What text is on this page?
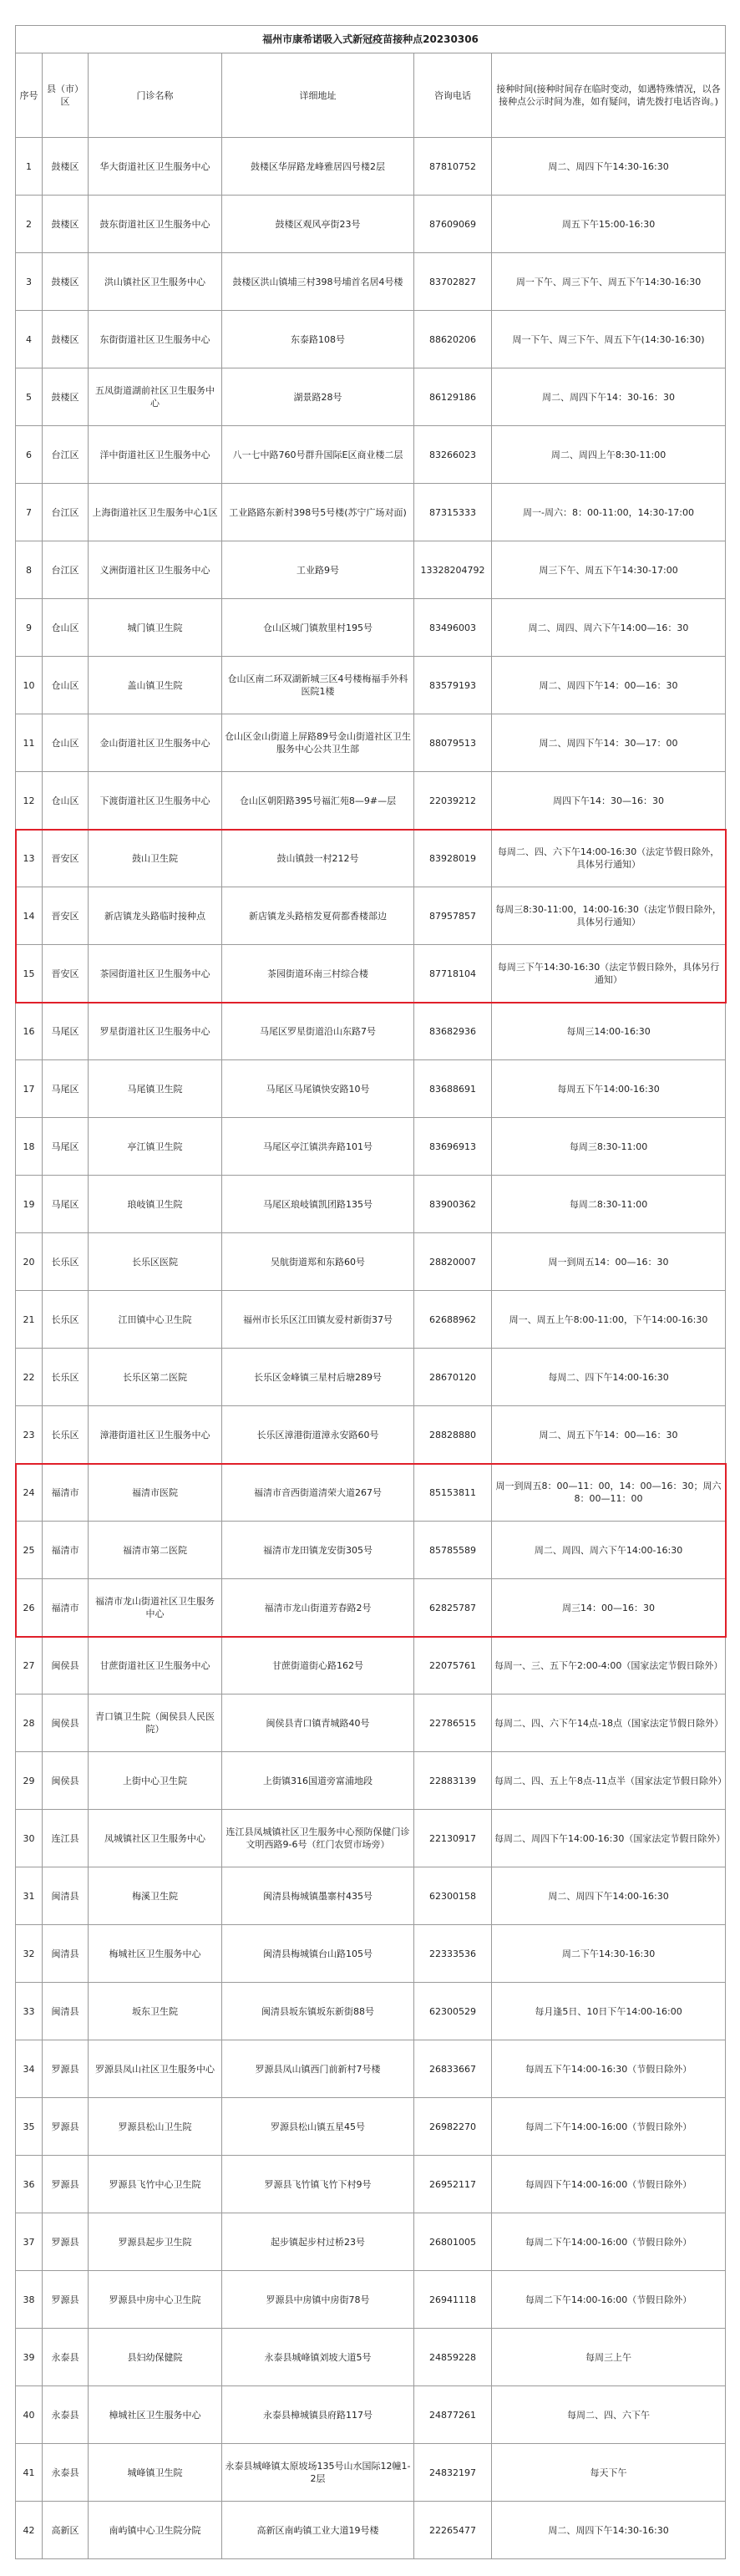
福州市康希诺吸入式新冠疫苗接种点20230306					
序号	县（市）区	门诊名称	详细地址	咨询电话	接种时间(接种时间存在临时变动，如遇特殊情况，以各接种点公示时间为准，如有疑问，请先拨打电话咨询。)
1	鼓楼区	华大街道社区卫生服务中心	鼓楼区华屏路龙峰雅居四号楼2层	87810752	周二、周四下午14:30-16:30
2	鼓楼区	鼓东街道社区卫生服务中心	鼓楼区观风亭街23号	87609069	周五下午15:00-16:30
3	鼓楼区	洪山镇社区卫生服务中心	鼓楼区洪山镇埔三村398号埔首名居4号楼	83702827	周一下午、周三下午、周五下午14:30-16:30
4	鼓楼区	东街街道社区卫生服务中心	东泰路108号	88620206	周一下午、周三下午、周五下午(14:30-16:30)
5	鼓楼区	五凤街道湖前社区卫生服务中心	湖景路28号	86129186	周二、周四下午14：30-16：30
6	台江区	洋中街道社区卫生服务中心	八一七中路760号群升国际E区商业楼二层	83266023	周二、周四上午8:30-11:00
7	台江区	上海街道社区卫生服务中心1区	工业路路东新村398号5号楼(苏宁广场对面)	87315333	周一-周六：8：00-11:00，14:30-17:00
8	台江区	义洲街道社区卫生服务中心	工业路9号	13328204792	周三下午、周五下午14:30-17:00
9	仓山区	城门镇卫生院	仓山区城门镇敖里村195号	83496003	周二、周四、周六下午14:00—16：30
10	仓山区	盖山镇卫生院	仓山区南二环双湖新城三区4号楼梅福手外科医院1楼	83579193	周二、周四下午14：00—16：30
11	仓山区	金山街道社区卫生服务中心	仓山区金山街道上屏路89号金山街道社区卫生服务中心公共卫生部	88079513	周二、周四下午14：30—17：00
12	仓山区	下渡街道社区卫生服务中心	仓山区朝阳路395号福汇苑8—9#—层	22039212	周四下午14：30—16：30
13	晋安区	鼓山卫生院	鼓山镇鼓一村212号	83928019	每周二、四、六下午14:00-16:30（法定节假日除外，具体另行通知）
14	晋安区	新店镇龙头路临时接种点	新店镇龙头路榕发夏荷都香楼部边	87957857	每周三8:30-11:00，14:00-16:30（法定节假日除外，具体另行通知）
15	晋安区	茶园街道社区卫生服务中心	茶园街道环南三村综合楼	87718104	每周三下午14:30-16:30（法定节假日除外，具体另行通知）
16	马尾区	罗星街道社区卫生服务中心	马尾区罗星街道沿山东路7号	83682936	每周三14:00-16:30
17	马尾区	马尾镇卫生院	马尾区马尾镇快安路10号	83688691	每周五下午14:00-16:30
18	马尾区	亭江镇卫生院	马尾区亭江镇洪奔路101号	83696913	每周三8:30-11:00
19	马尾区	琅岐镇卫生院	马尾区琅岐镇凯团路135号	83900362	每周二8:30-11:00
20	长乐区	长乐区医院	吴航街道郑和东路60号	28820007	周一到周五14：00—16：30
21	长乐区	江田镇中心卫生院	福州市长乐区江田镇友爱村新街37号	62688962	周一、周五上午8:00-11:00，下午14:00-16:30
22	长乐区	长乐区第二医院	长乐区金峰镇三星村后塘289号	28670120	每周二、四下午14:00-16:30
23	长乐区	漳港街道社区卫生服务中心	长乐区漳港街道漳永安路60号	28828880	周二、周五下午14：00—16：30
24	福清市	福清市医院	福清市音西街道清荣大道267号	85153811	周一到周五8：00—11：00，14：00—16：30；周六8：00—11：00
25	福清市	福清市第二医院	福清市龙田镇龙安街305号	85785589	周二、周四、周六下午14:00-16:30
26	福清市	福清市龙山街道社区卫生服务中心	福清市龙山街道芳春路2号	62825787	周三14：00—16：30
27	闽侯县	甘蔗街道社区卫生服务中心	甘蔗街道街心路162号	22075761	每周一、三、五下午2:00-4:00（国家法定节假日除外）
28	闽侯县	青口镇卫生院（闽侯县人民医院）	闽侯县青口镇青城路40号	22786515	每周二、四、六下午14点-18点（国家法定节假日除外）
29	闽侯县	上街中心卫生院	上街镇316国道旁富浦地段	22883139	每周二、四、五上午8点-11点半（国家法定节假日除外）
30	连江县	凤城镇社区卫生服务中心	连江县凤城镇社区卫生服务中心预防保健门诊文明西路9-6号（红门农贸市场旁）	22130917	每周二、周四下午14:00-16:30（国家法定节假日除外）
31	闽清县	梅溪卫生院	闽清县梅城镇墨寨村435号	62300158	周二、周四下午14:00-16:30
32	闽清县	梅城社区卫生服务中心	闽清县梅城镇台山路105号	22333536	周二下午14:30-16:30
33	闽清县	坂东卫生院	闽清县坂东镇坂东新街88号	62300529	每月逢5日、10日下午14:00-16:00
34	罗源县	罗源县凤山社区卫生服务中心	罗源县凤山镇西门前新村7号楼	26833667	每周五下午14:00-16:30（节假日除外）
35	罗源县	罗源县松山卫生院	罗源县松山镇五星45号	26982270	每周二下午14:00-16:00（节假日除外）
36	罗源县	罗源县飞竹中心卫生院	罗源县飞竹镇飞竹下村9号	26952117	每周四下午14:00-16:00（节假日除外）
37	罗源县	罗源县起步卫生院	起步镇起步村过桥23号	26801005	每周二下午14:00-16:00（节假日除外）
38	罗源县	罗源县中房中心卫生院	罗源县中房镇中房街78号	26941118	每周二下午14:00-16:00（节假日除外）
39	永泰县	县妇幼保健院	永泰县城峰镇刘坡大道5号	24859228	每周三上午
40	永泰县	樟城社区卫生服务中心	永泰县樟城镇县府路117号	24877261	每周二、四、六下午
41	永泰县	城峰镇卫生院	永泰县城峰镇太原坡场135号山水国际12幢1-2层	24832197	每天下午
42	高新区	南屿镇中心卫生院分院	高新区南屿镇工业大道19号楼	22265477	周二、周四下午14:30-16:30
